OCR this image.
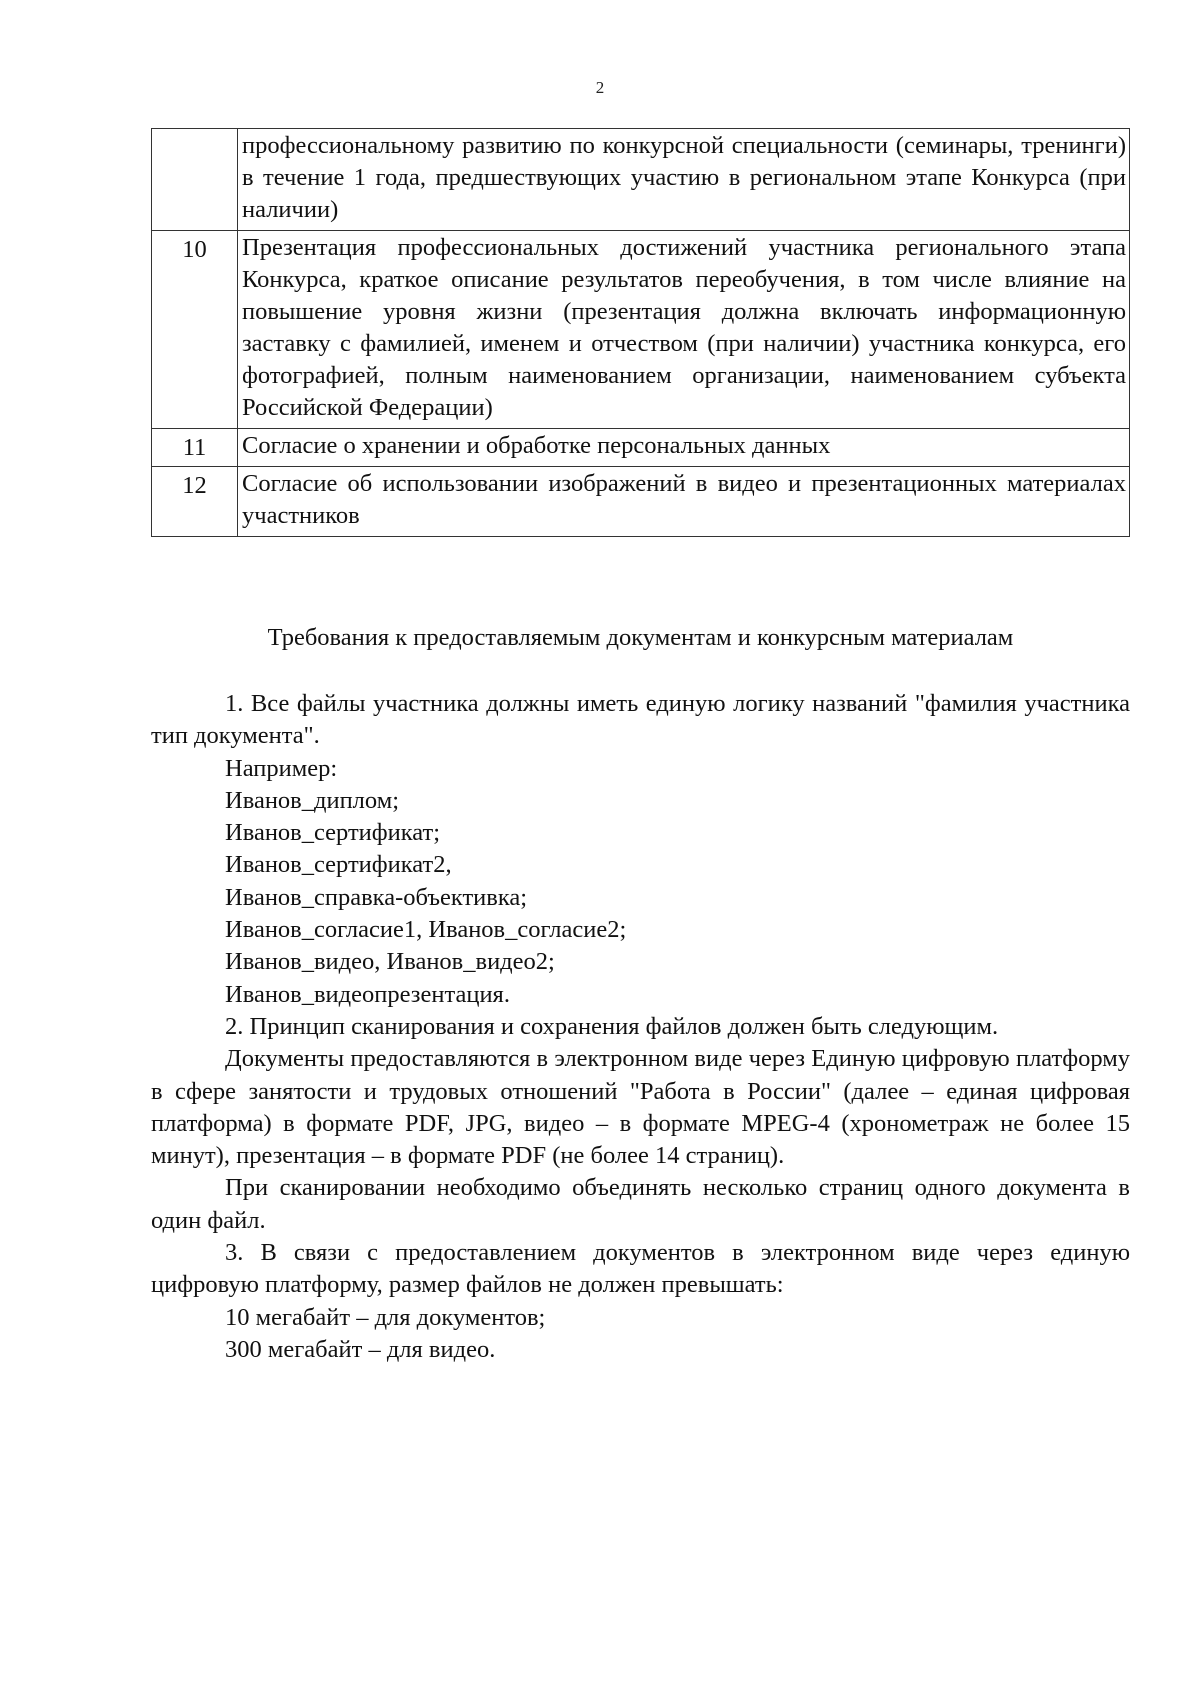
2
	профессиональному развитию по конкурсной специальности (семинары, тренинги) в течение 1 года, предшествующих участию в региональном этапе Конкурса (при наличии)
10	Презентация профессиональных достижений участника регионального этапа Конкурса, краткое описание результатов переобучения, в том числе влияние на повышение уровня жизни (презентация должна включать информационную заставку с фамилией, именем и отчеством (при наличии) участника конкурса, его фотографией, полным наименованием организации, наименованием субъекта Российской Федерации)
11	Согласие о хранении и обработке персональных данных
12	Согласие об использовании изображений в видео и презентационных материалах участников
Требования к предоставляемым документам и конкурсным материалам

1. Все файлы участника должны иметь единую логику названий "фамилия участника тип документа".

Например:

Иванов_диплом;

Иванов_сертификат;

Иванов_сертификат2,

Иванов_справка-объективка;

Иванов_согласие1, Иванов_согласие2;

Иванов_видео, Иванов_видео2;

Иванов_видеопрезентация.

2. Принцип сканирования и сохранения файлов должен быть следующим.

Документы предоставляются в электронном виде через Единую цифровую платформу в сфере занятости и трудовых отношений "Работа в России" (далее – единая цифровая платформа) в формате PDF, JPG, видео – в формате MPEG-4 (хронометраж не более 15 минут), презентация – в формате PDF (не более 14 страниц).

При сканировании необходимо объединять несколько страниц одного документа в один файл.

3. В связи с предоставлением документов в электронном виде через единую цифровую платформу, размер файлов не должен превышать:

10 мегабайт – для документов;

300 мегабайт – для видео.
